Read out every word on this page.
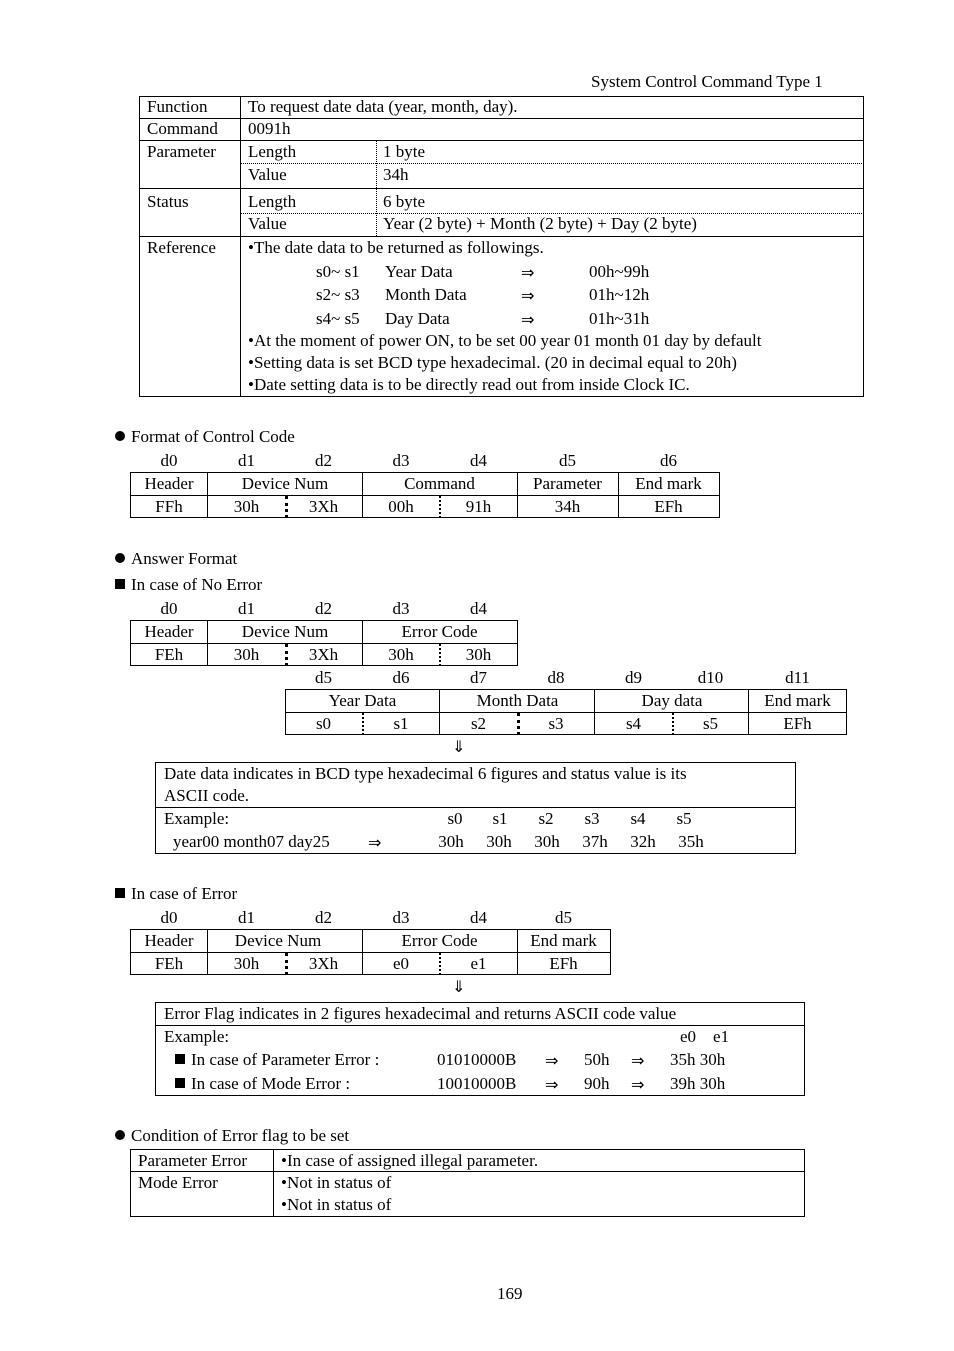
System Control Command Type 1
Function To request date data (year, month, day).
Command 0091h
Parameter Length	1 byte
Value	34h
Status	Length	6 byte
Value	Year (2 byte) + Month (2 byte) + Day (2 byte)
Reference •The date data to be returned as followings.
s0~ s1 Year Data	⇒	00h~99h
s2~ s3 Month Data	⇒	01h~12h
s4~ s5 Day Data	⇒	01h~31h
•At the moment of power ON, to be set 00 year 01 month 01 day by default
•Setting data is set BCD type hexadecimal. (20 in decimal equal to 20h)
•Date setting data is to be directly read out from inside Clock IC.
Format of Control Code
d0	d1	d2	d3	d4	d5	d6
Header	Device Num	Command	Parameter	End mark
FFh	30h	3Xh	00h	91h	34h	EFh
Answer Format
In case of No Error
d0	d1	d2	d3	d4
Header	Device Num	Error Code
FEh	30h	3Xh	30h	30h
d5	d6	d7	d8	d9	d10	d11
Year Data	Month Data	Day data	End mark
s0	s1	s2	s3	s4	s5	EFh
⇓
Date data indicates in BCD type hexadecimal 6 figures and status value is its
ASCII code.
Example:	s0	s1	s2	s3	s4	s5
year00 month07 day25 ⇒	30h	30h	30h	37h	32h	35h
In case of Error
d0	d1	d2	d3	d4	d5
Header	Device Num	Error Code	End mark
FEh	30h	3Xh	e0	e1	EFh
⇓
Error Flag indicates in 2 figures hexadecimal and returns ASCII code value
Example:	e0    e1
In case of Parameter Error :	01010000B ⇒ 50h ⇒ 35h 30h
In case of Mode Error :	10010000B ⇒ 90h ⇒ 39h 30h
Condition of Error flag to be set
Parameter Error •In case of assigned illegal parameter.
Mode Error	•Not in status of
•Not in status of
169
